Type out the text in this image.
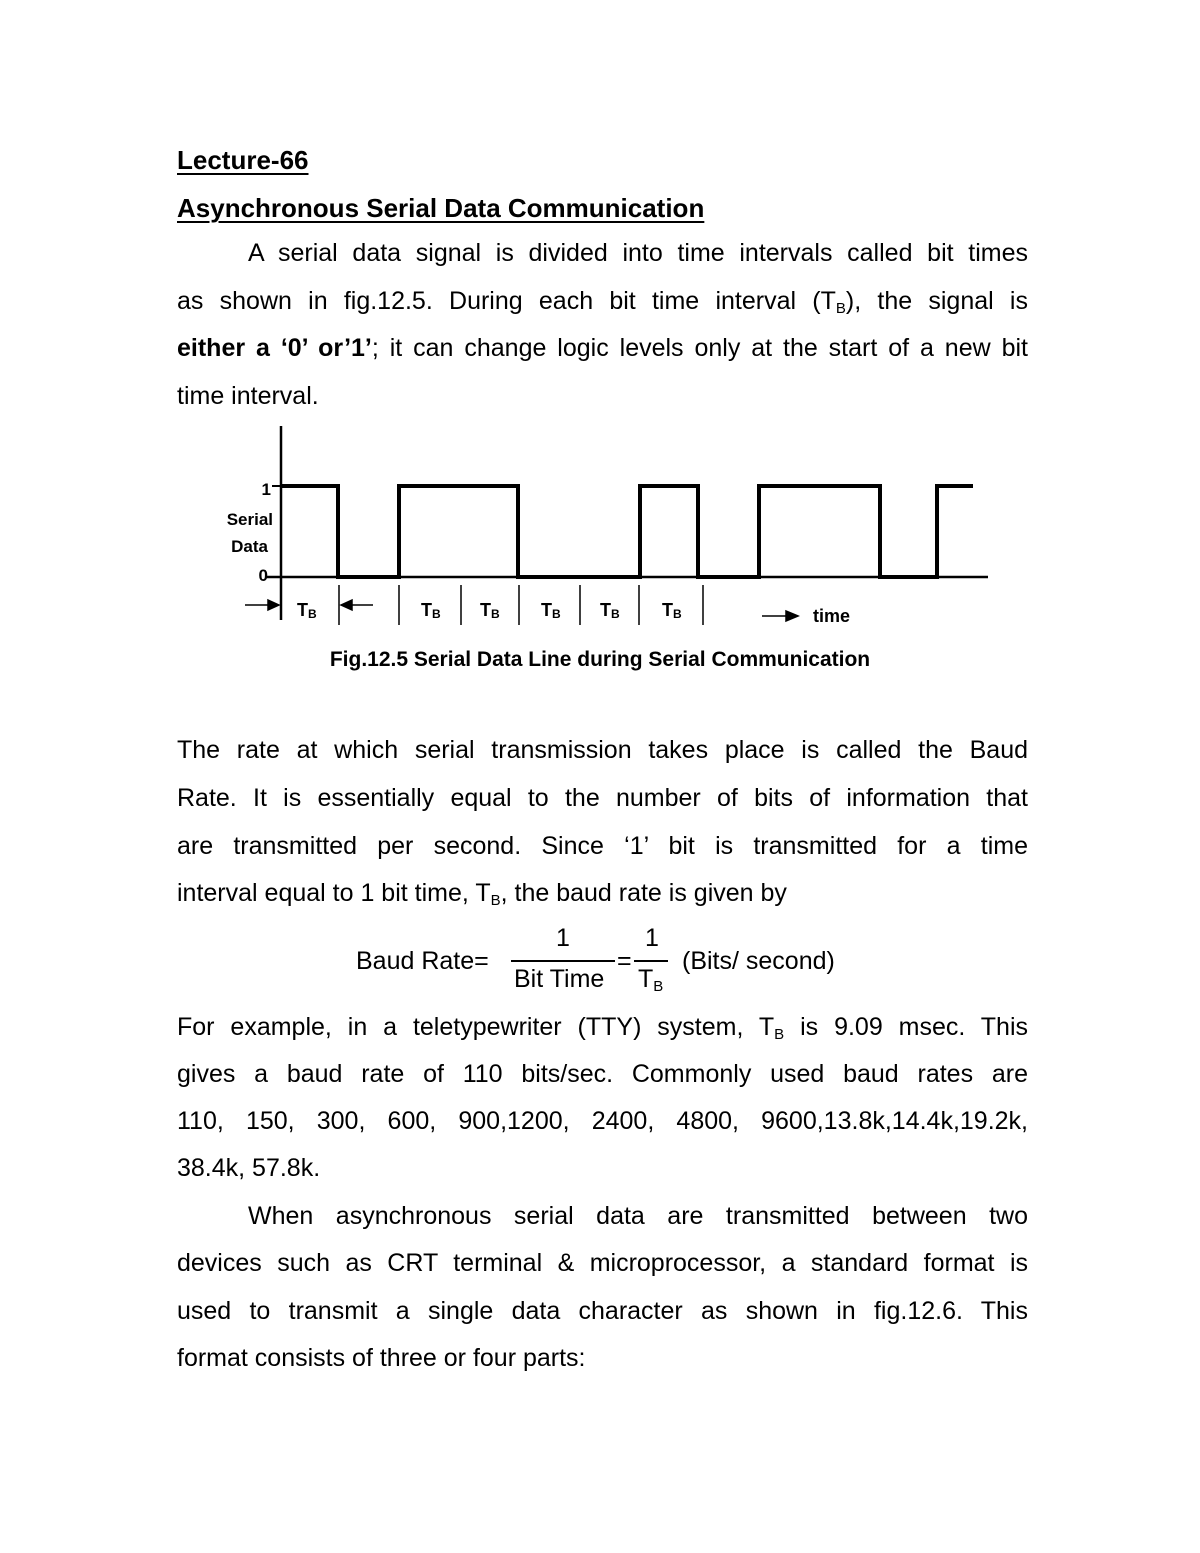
Lecture-66
Asynchronous Serial Data Communication
A serial data signal is divided into time intervals called bit times
as shown in fig.12.5. During each bit time interval $(T_B)$, the signal is
either a ‘0’ or’1’; it can change logic levels only at the start of a new bit
time interval.
1
Serial
Data
0
TB	TB TB TB TB TB	time
Fig.12.5 Serial Data Line during Serial Communication
The rate at which serial transmission takes place is called the Baud
Rate. It is essentially equal to the number of bits of information that
are transmitted per second. Since ‘1’ bit is transmitted for a time
interval equal to 1 bit time, $T_B$, the baud rate is given by
Baud Rate=
1
Bit Time
=
1
$T_B$
(Bits/ second)
For example, in a teletypewriter (TTY) system, $T_B$ is 9.09 msec. This
gives a baud rate of 110 bits/sec. Commonly used baud rates are
110, 150, 300, 600, 900,1200, 2400, 4800, 9600,13.8k,14.4k,19.2k,
38.4k, 57.8k.
When asynchronous serial data are transmitted between two
devices such as CRT terminal & microprocessor, a standard format is
used to transmit a single data character as shown in fig.12.6. This
format consists of three or four parts:
